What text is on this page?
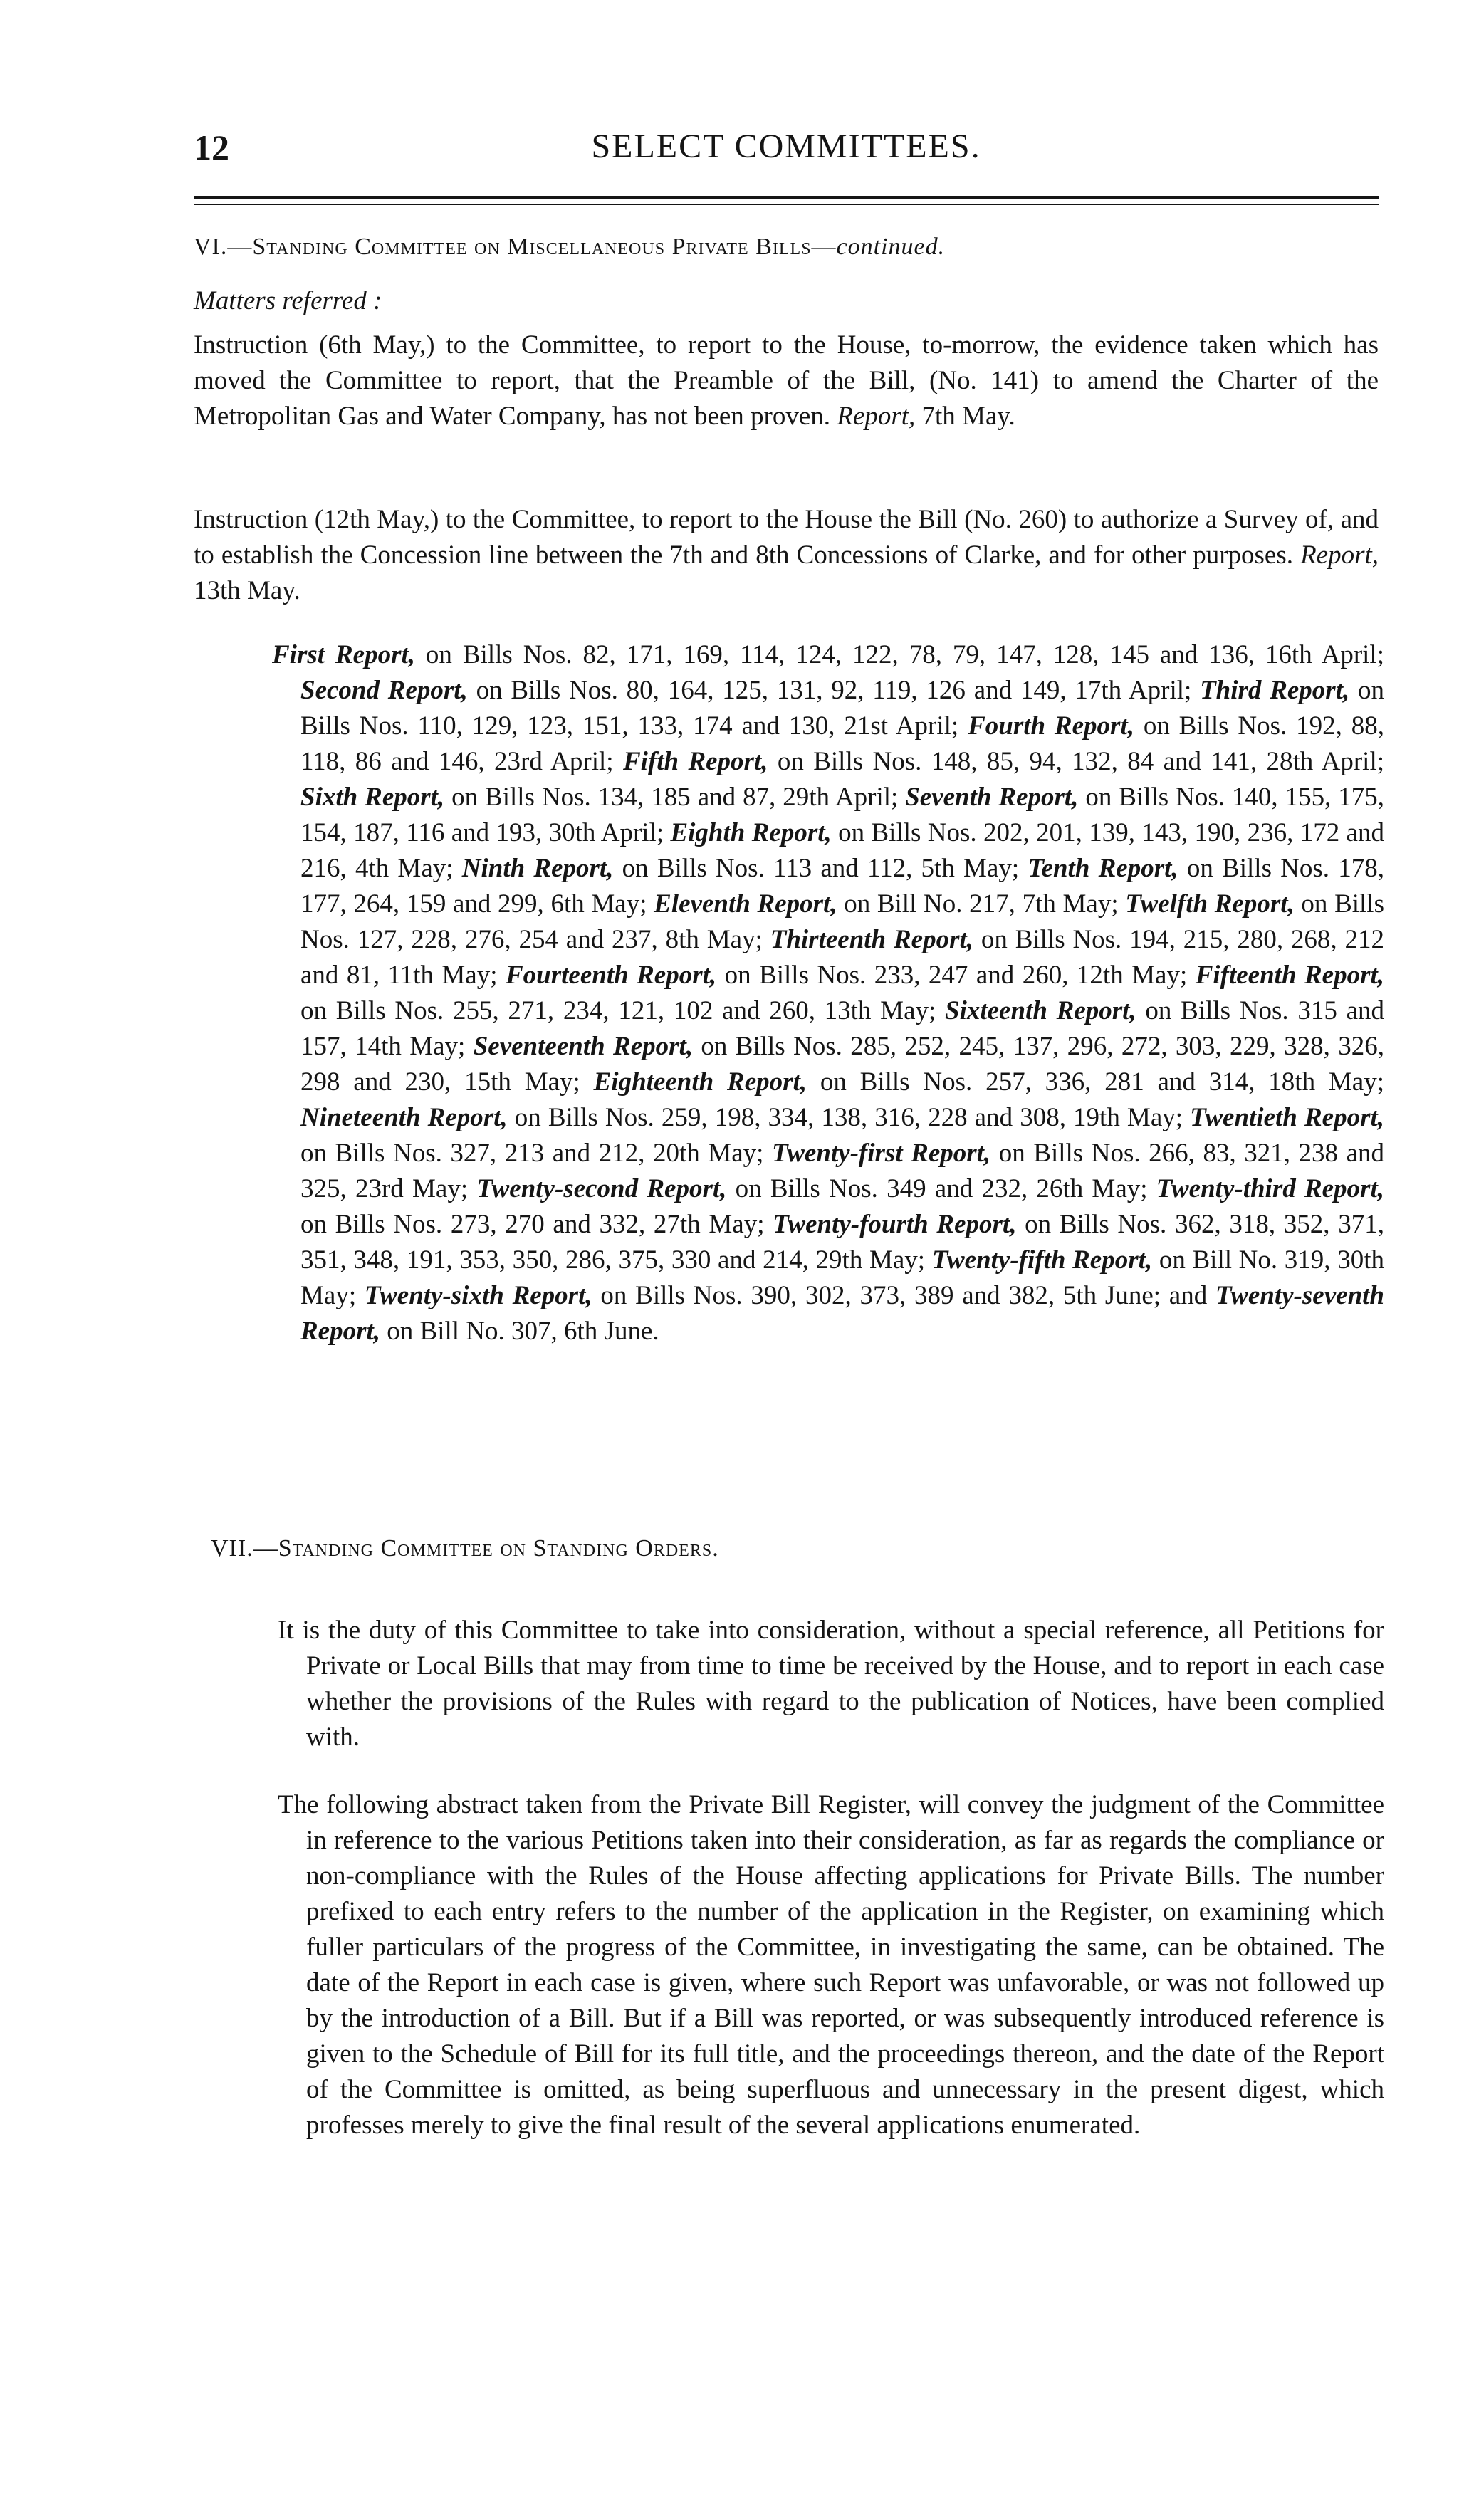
12	SELECT COMMITTEES.

VI.—Standing Committee on Miscellaneous Private Bills—continued.

Matters referred :

Instruction (6th May,) to the Committee, to report to the House, to-morrow, the evidence taken which has moved the Committee to report, that the Preamble of the Bill, (No. 141) to amend the Charter of the Metropolitan Gas and Water Company, has not been proven. Report, 7th May.

Instruction (12th May,) to the Committee, to report to the House the Bill (No. 260) to authorize a Survey of, and to establish the Concession line between the 7th and 8th Concessions of Clarke, and for other purposes. Report, 13th May.

First Report, on Bills Nos. 82, 171, 169, 114, 124, 122, 78, 79, 147, 128, 145 and 136, 16th April; Second Report, on Bills Nos. 80, 164, 125, 131, 92, 119, 126 and 149, 17th April; Third Report, on Bills Nos. 110, 129, 123, 151, 133, 174 and 130, 21st April; Fourth Report, on Bills Nos. 192, 88, 118, 86 and 146, 23rd April; Fifth Report, on Bills Nos. 148, 85, 94, 132, 84 and 141, 28th April; Sixth Report, on Bills Nos. 134, 185 and 87, 29th April; Seventh Report, on Bills Nos. 140, 155, 175, 154, 187, 116 and 193, 30th April; Eighth Report, on Bills Nos. 202, 201, 139, 143, 190, 236, 172 and 216, 4th May; Ninth Report, on Bills Nos. 113 and 112, 5th May; Tenth Report, on Bills Nos. 178, 177, 264, 159 and 299, 6th May; Eleventh Report, on Bill No. 217, 7th May; Twelfth Report, on Bills Nos. 127, 228, 276, 254 and 237, 8th May; Thirteenth Report, on Bills Nos. 194, 215, 280, 268, 212 and 81, 11th May; Fourteenth Report, on Bills Nos. 233, 247 and 260, 12th May; Fifteenth Report, on Bills Nos. 255, 271, 234, 121, 102 and 260, 13th May; Sixteenth Report, on Bills Nos. 315 and 157, 14th May; Seventeenth Report, on Bills Nos. 285, 252, 245, 137, 296, 272, 303, 229, 328, 326, 298 and 230, 15th May; Eighteenth Report, on Bills Nos. 257, 336, 281 and 314, 18th May; Nineteenth Report, on Bills Nos. 259, 198, 334, 138, 316, 228 and 308, 19th May; Twentieth Report, on Bills Nos. 327, 213 and 212, 20th May; Twenty-first Report, on Bills Nos. 266, 83, 321, 238 and 325, 23rd May; Twenty-second Report, on Bills Nos. 349 and 232, 26th May; Twenty-third Report, on Bills Nos. 273, 270 and 332, 27th May; Twenty-fourth Report, on Bills Nos. 362, 318, 352, 371, 351, 348, 191, 353, 350, 286, 375, 330 and 214, 29th May; Twenty-fifth Report, on Bill No. 319, 30th May; Twenty-sixth Report, on Bills Nos. 390, 302, 373, 389 and 382, 5th June; and Twenty-seventh Report, on Bill No. 307, 6th June.

VII.—Standing Committee on Standing Orders.

It is the duty of this Committee to take into consideration, without a special reference, all Petitions for Private or Local Bills that may from time to time be received by the House, and to report in each case whether the provisions of the Rules with regard to the publication of Notices, have been complied with.

The following abstract taken from the Private Bill Register, will convey the judgment of the Committee in reference to the various Petitions taken into their consideration, as far as regards the compliance or non-compliance with the Rules of the House affecting applications for Private Bills. The number prefixed to each entry refers to the number of the application in the Register, on examining which fuller particulars of the progress of the Committee, in investigating the same, can be obtained. The date of the Report in each case is given, where such Report was unfavorable, or was not followed up by the introduction of a Bill. But if a Bill was reported, or was subsequently introduced reference is given to the Schedule of Bill for its full title, and the proceedings thereon, and the date of the Report of the Committee is omitted, as being superfluous and unnecessary in the present digest, which professes merely to give the final result of the several applications enumerated.
